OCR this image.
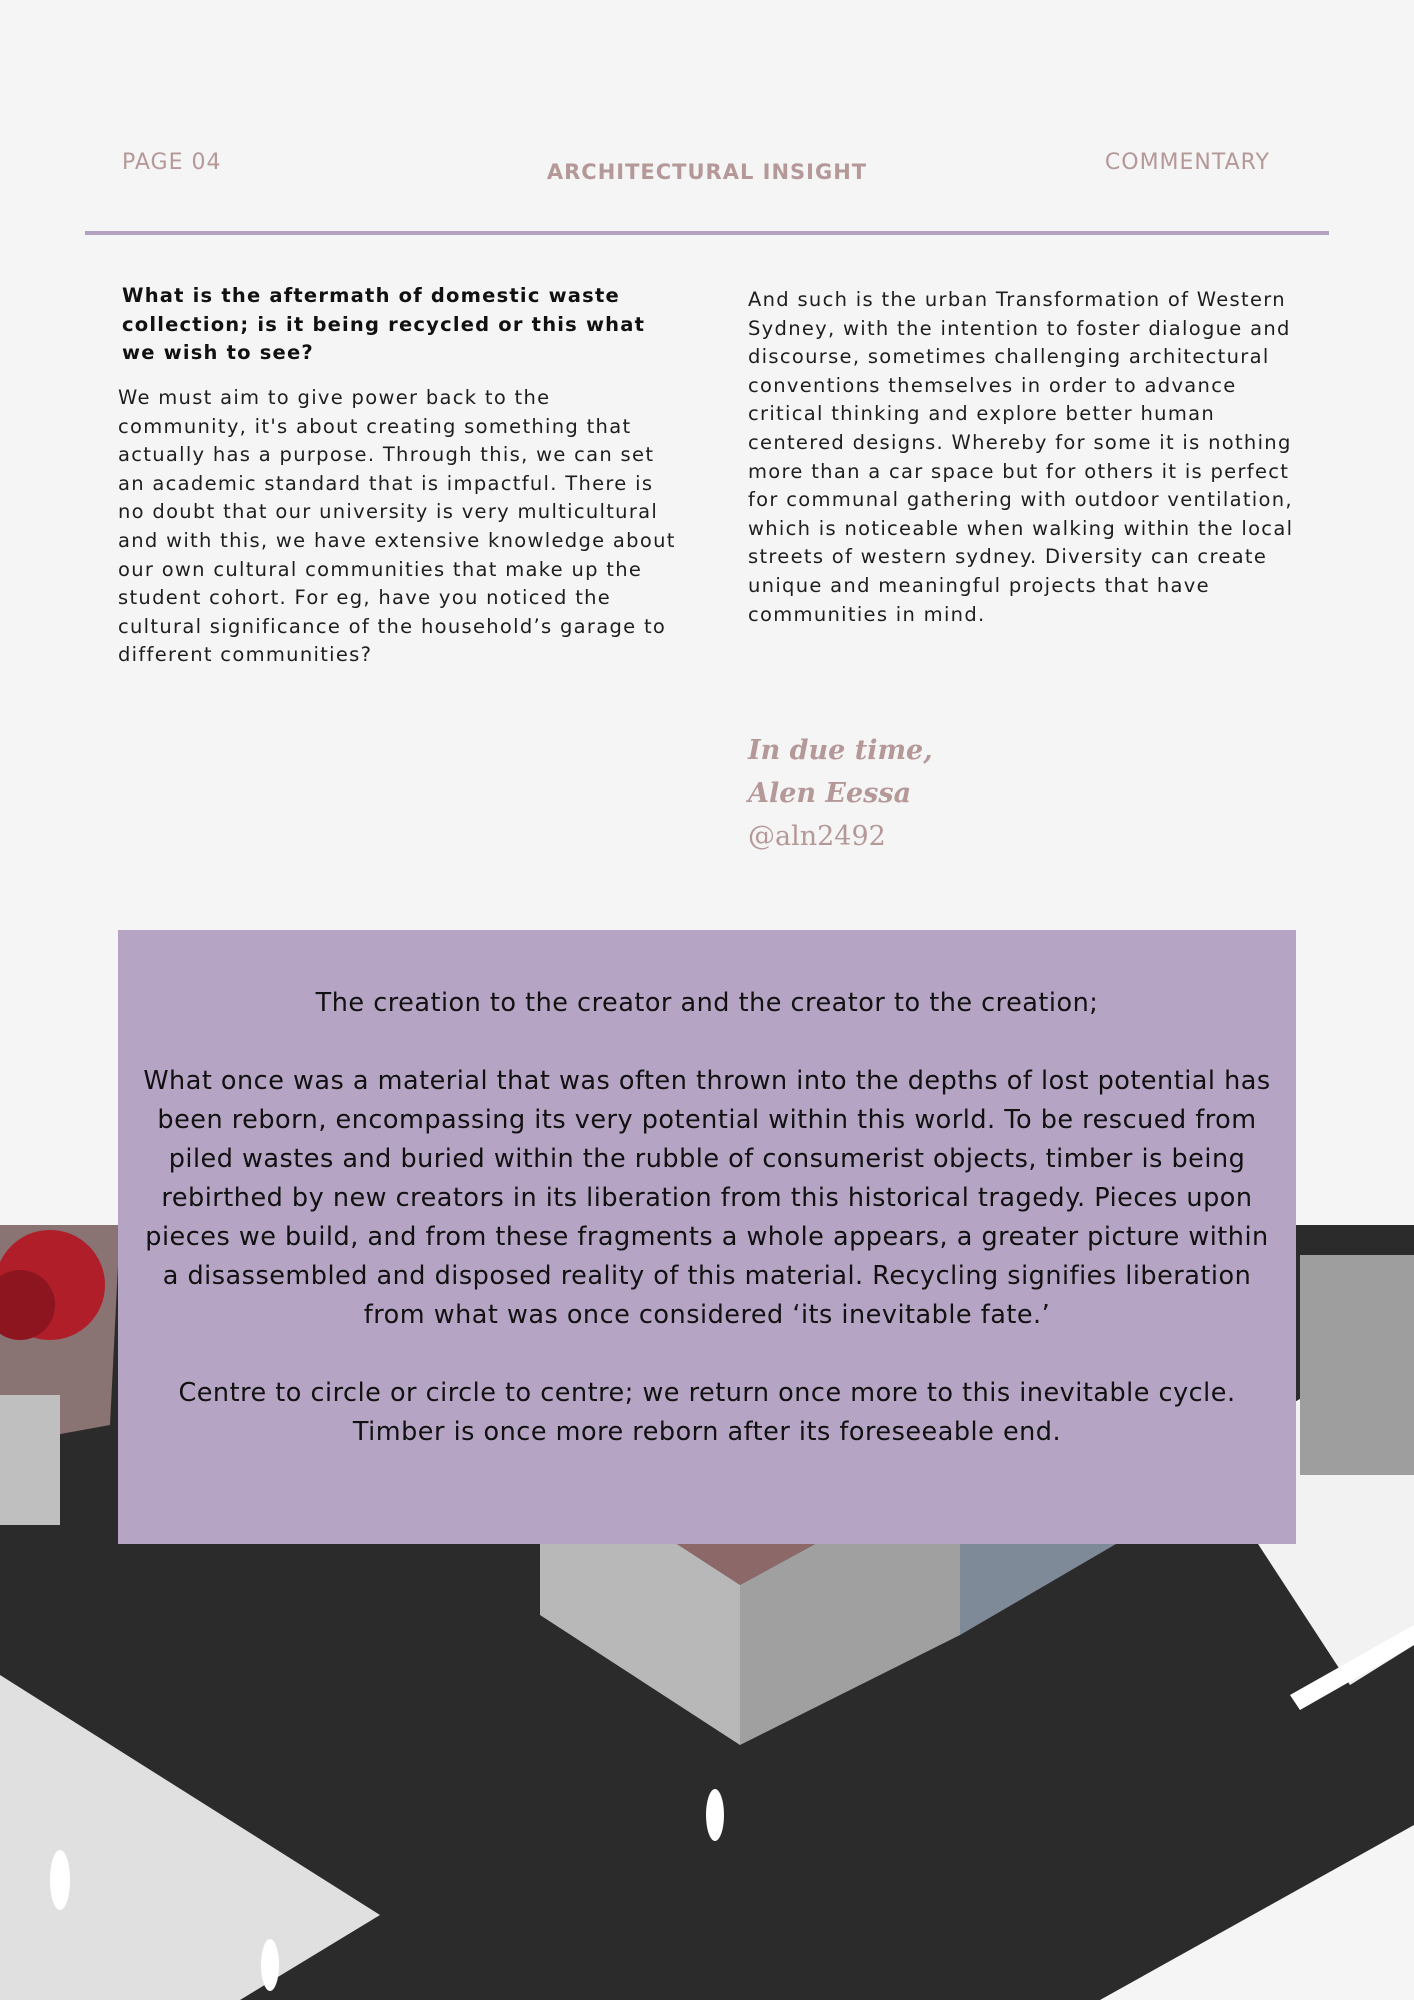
PAGE 04	ARCHITECTURAL INSIGHT	COMMENTARY
What is the aftermath of domestic waste collection; is it being recycled or this what we wish to see?
We must aim to give power back to the community, it's about creating something that actually has a purpose. Through this, we can set an academic standard that is impactful. There is no doubt that our university is very multicultural and with this, we have extensive knowledge about our own cultural communities that make up the student cohort. For eg, have you noticed the cultural significance of the household’s garage to different communities?
And such is the urban Transformation of Western Sydney, with the intention to foster dialogue and discourse, sometimes challenging architectural conventions themselves in order to advance critical thinking and explore better human centered designs. Whereby for some it is nothing more than a car space but for others it is perfect for communal gathering with outdoor ventilation, which is noticeable when walking within the local streets of western sydney. Diversity can create unique and meaningful projects that have communities in mind.
In due time,
Alen Eessa
@aln2492

The creation to the creator and the creator to the creation;

What once was a material that was often thrown into the depths of lost potential has been reborn, encompassing its very potential within this world. To be rescued from piled wastes and buried within the rubble of consumerist objects, timber is being rebirthed by new creators in its liberation from this historical tragedy. Pieces upon pieces we build, and from these fragments a whole appears, a greater picture within a disassembled and disposed reality of this material. Recycling signifies liberation from what was once considered ‘its inevitable fate.’

Centre to circle or circle to centre; we return once more to this inevitable cycle. Timber is once more reborn after its foreseeable end.
